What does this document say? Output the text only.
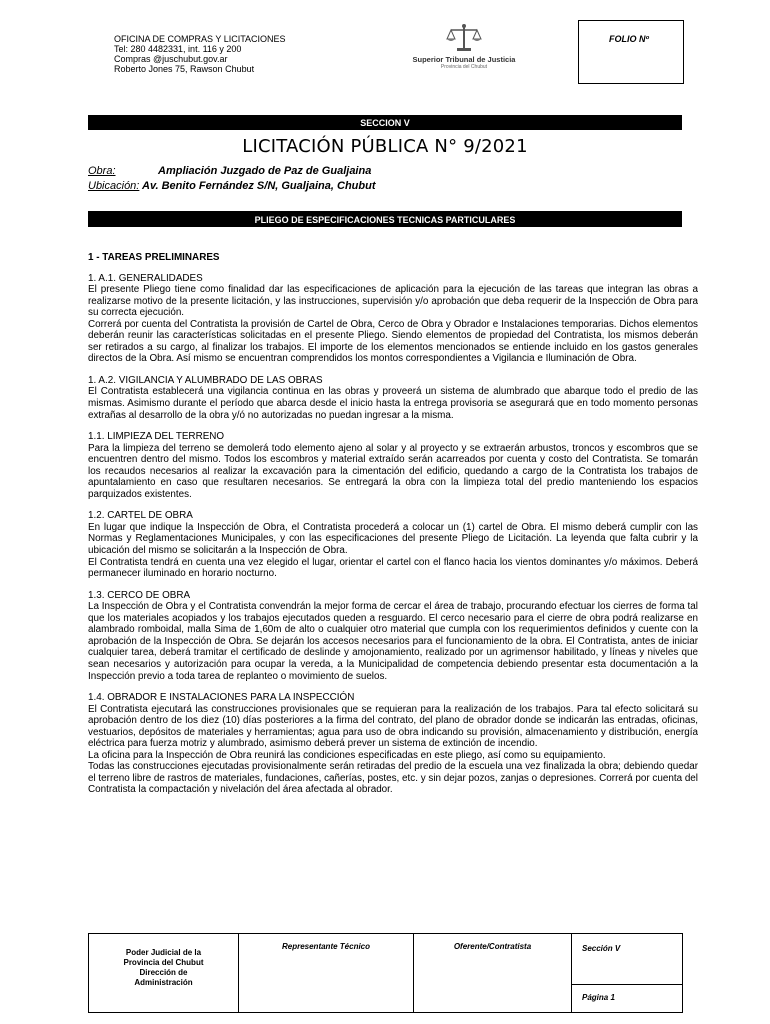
OFICINA DE COMPRAS Y LICITACIONES
Tel: 280 4482331, int. 116 y 200
Compras @juschubut.gov.ar
Roberto Jones 75, Rawson Chubut
Superior Tribunal de Justicia
Provincia del Chubut
FOLIO Nº
SECCION V
LICITACIÓN PÚBLICA N° 9/2021
Obra:	Ampliación Juzgado de Paz de Gualjaina
Ubicación: Av. Benito Fernández S/N, Gualjaina, Chubut
PLIEGO DE ESPECIFICACIONES TECNICAS PARTICULARES

1 - TAREAS PRELIMINARES

1. A.1. GENERALIDADES

El presente Pliego tiene como finalidad dar las especificaciones de aplicación para la ejecución de las tareas que integran las obras a realizarse motivo de la presente licitación, y las instrucciones, supervisión y/o aprobación que deba requerir de la Inspección de Obra para su correcta ejecución.

Correrá por cuenta del Contratista la provisión de Cartel de Obra, Cerco de Obra y Obrador e Instalaciones temporarias. Dichos elementos deberán reunir las características solicitadas en el presente Pliego. Siendo elementos de propiedad del Contratista, los mismos deberán ser retirados a su cargo, al finalizar los trabajos. El importe de los elementos mencionados se entiende incluido en los gastos generales directos de la Obra. Así mismo se encuentran comprendidos los montos correspondientes a Vigilancia e Iluminación de Obra.

1. A.2. VIGILANCIA Y ALUMBRADO DE LAS OBRAS

El Contratista establecerá una vigilancia continua en las obras y proveerá un sistema de alumbrado que abarque todo el predio de las mismas. Asimismo durante el período que abarca desde el inicio hasta la entrega provisoria se asegurará que en todo momento personas extrañas al desarrollo de la obra y/ó no autorizadas no puedan ingresar a la misma.

1.1. LIMPIEZA DEL TERRENO

Para la limpieza del terreno se demolerá todo elemento ajeno al solar y al proyecto y se extraerán arbustos, troncos y escombros que se encuentren dentro del mismo. Todos los escombros y material extraído serán acarreados por cuenta y costo del Contratista. Se tomarán los recaudos necesarios al realizar la excavación para la cimentación del edificio, quedando a cargo de la Contratista los trabajos de apuntalamiento en caso que resultaren necesarios. Se entregará la obra con la limpieza total del predio manteniendo los espacios parquizados existentes.

1.2. CARTEL DE OBRA

En lugar que indique la Inspección de Obra, el Contratista procederá a colocar un (1) cartel de Obra. El mismo deberá cumplir con las Normas y Reglamentaciones Municipales, y con las especificaciones del presente Pliego de Licitación. La leyenda que falta cubrir y la ubicación del mismo se solicitarán a la Inspección de Obra.

El Contratista tendrá en cuenta una vez elegido el lugar, orientar el cartel con el flanco hacia los vientos dominantes y/o máximos. Deberá permanecer iluminado en horario nocturno.

1.3. CERCO DE OBRA

La Inspección de Obra y el Contratista convendrán la mejor forma de cercar el área de trabajo, procurando efectuar los cierres de forma tal que los materiales acopiados y los trabajos ejecutados queden a resguardo. El cerco necesario para el cierre de obra podrá realizarse en alambrado romboidal, malla Sima de 1,60m de alto o cualquier otro material que cumpla con los requerimientos definidos y cuente con la aprobación de la Inspección de Obra. Se dejarán los accesos necesarios para el funcionamiento de la obra. El Contratista, antes de iniciar cualquier tarea, deberá tramitar el certificado de deslinde y amojonamiento, realizado por un agrimensor habilitado, y líneas y niveles que sean necesarios y autorización para ocupar la vereda, a la Municipalidad de competencia debiendo presentar esta documentación a la Inspección previo a toda tarea de replanteo o movimiento de suelos.

1.4. OBRADOR E INSTALACIONES PARA LA INSPECCIÓN

El Contratista ejecutará las construcciones provisionales que se requieran para la realización de los trabajos. Para tal efecto solicitará su aprobación dentro de los diez (10) días posteriores a la firma del contrato, del plano de obrador donde se indicarán las entradas, oficinas, vestuarios, depósitos de materiales y herramientas; agua para uso de obra indicando su provisión, almacenamiento y distribución, energía eléctrica para fuerza motriz y alumbrado, asimismo deberá prever un sistema de extinción de incendio.

La oficina para la Inspección de Obra reunirá las condiciones especificadas en este pliego, así como su equipamiento.

Todas las construcciones ejecutadas provisionalmente serán retiradas del predio de la escuela una vez finalizada la obra; debiendo quedar el terreno libre de rastros de materiales, fundaciones, cañerías, postes, etc. y sin dejar pozos, zanjas o depresiones. Correrá por cuenta del Contratista la compactación y nivelación del área afectada al obrador.

Poder Judicial de la
Provincia del Chubut
Dirección de
Administración
	Representante Técnico	Oferente/Contratista	Sección V
Página 1
